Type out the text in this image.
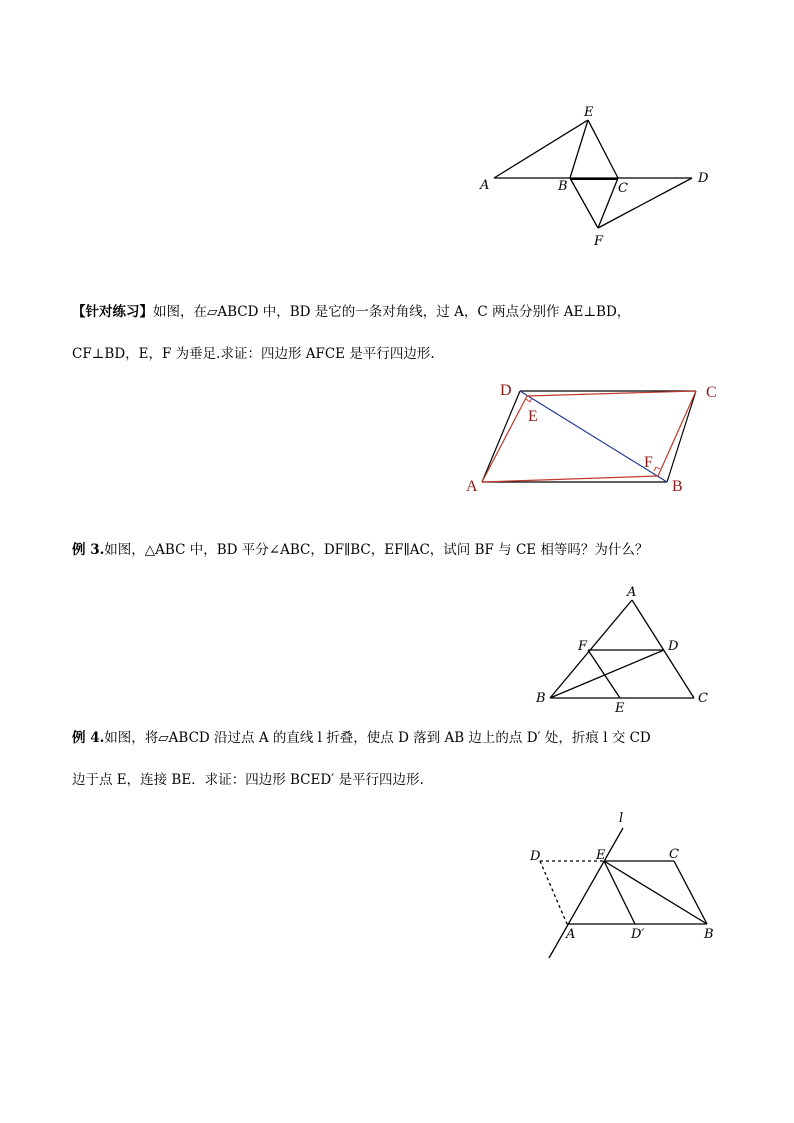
E
A	B	C
D
F
【针对练习】如图，在▱ABCD 中，BD 是它的一条对角线，过 A，C 两点分别作 AE⊥BD，
CF⊥BD，E，F 为垂足.求证：四边形 AFCE 是平行四边形.
D	C
E
F
A	B
例 3.如图，△ABC 中，BD 平分∠ABC，DF∥BC，EF∥AC，试问 BF 与 CE 相等吗？为什么？
A
F	D
B	C
E
例 4.如图，将▱ABCD 沿过点 A 的直线 l 折叠，使点 D 落到 AB 边上的点 D′ 处，折痕 l 交 CD
边于点 E，连接 BE．求证：四边形 BCED′ 是平行四边形.
l
D	E	C
A	D′	B
